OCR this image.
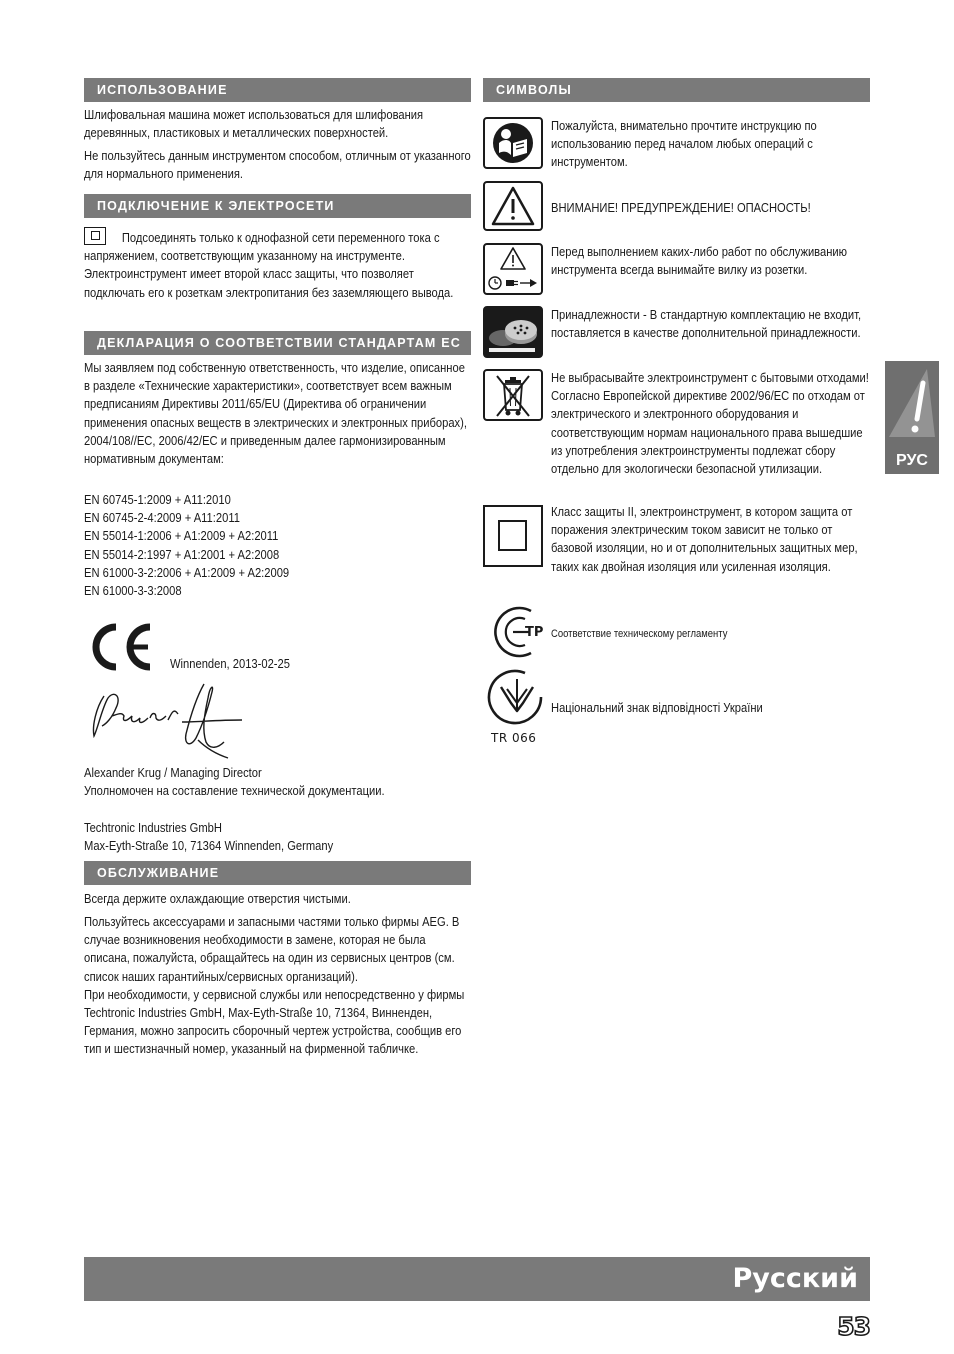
ИСПОЛЬЗОВАНИЕ
Шлифовальная машина может использоваться для шлифования деревянных, пластиковых и металлических поверхностей.
Не пользуйтесь данным инструментом способом, отличным от указанного для нормального применения.
ПОДКЛЮЧЕНИЕ К ЭЛЕКТРОСЕТИ
Подсоединять только к однофазной сети переменного тока с напряжением, соответствующим указанному на инструменте. Электроинструмент имеет второй класс защиты, что позволяет подключать его к розеткам электропитания без заземляющего вывода.
ДЕКЛАРАЦИЯ О СООТВЕТСТВИИ СТАНДАРТАМ ЕС
Мы заявляем под собственную ответственность, что изделие, описанное в разделе «Технические характеристики», соответствует всем важным предписаниям Директивы 2011/65/EU (Директива об ограничении применения опасных веществ в электрических и электронных приборах), 2004/108//EC, 2006/42/EC и приведенным далее гармонизированным нормативным документам:
EN 60745-1:2009 + A11:2010
EN 60745-2-4:2009 + A11:2011
EN 55014-1:2006 + A1:2009 + A2:2011
EN 55014-2:1997 + A1:2001 + A2:2008
EN 61000-3-2:2006 + A1:2009 + A2:2009
EN 61000-3-3:2008
Winnenden, 2013-02-25
Alexander Krug / Managing Director
Уполномочен на составление технической документации.
Techtronic Industries GmbH
Max-Eyth-Straße 10, 71364 Winnenden, Germany
ОБСЛУЖИВАНИЕ
Всегда держите охлаждающие отверстия чистыми.
Пользуйтесь аксессуарами и запасными частями только фирмы AEG. В случае возникновения необходимости в замене, которая не была описана, пожалуйста, обращайтесь на один из сервисных центров (см. список наших гарантийных/сервисных организаций).
При необходимости, у сервисной службы или непосредственно у фирмы Techtronic Industries GmbH, Max-Eyth-Straße 10, 71364, Винненден, Германия, можно запросить сборочный чертеж устройства, сообщив его тип и шестизначный номер, указанный на фирменной табличке.
СИМВОЛЫ
Пожалуйста, внимательно прочтите инструкцию по использованию перед началом любых операций с инструментом.
ВНИМАНИЕ! ПРЕДУПРЕЖДЕНИЕ! ОПАСНОСТЬ!
Перед выполнением каких-либо работ по обслуживанию инструмента всегда вынимайте вилку из розетки.
Принадлежности - В стандартную комплектацию не входит, поставляется в качестве дополнительной принадлежности.
Не выбрасывайте электроинструмент с бытовыми отходами! Согласно Европейской директиве 2002/96/EC по отходам от электрического и электронного оборудования и соответствующим нормам национального права вышедшие из употребления электроинструменты подлежат сбору отдельно для экологически безопасной утилизации.
Класс защиты II, электроинструмент, в котором защита от поражения электрическим током зависит не только от базовой изоляции, но и от дополнительных защитных мер, таких как двойная изоляция или усиленная изоляция.
TP Соответствие техническому регламенту
TR 066
Національний знак відповідності України
РУС
Русский
53
